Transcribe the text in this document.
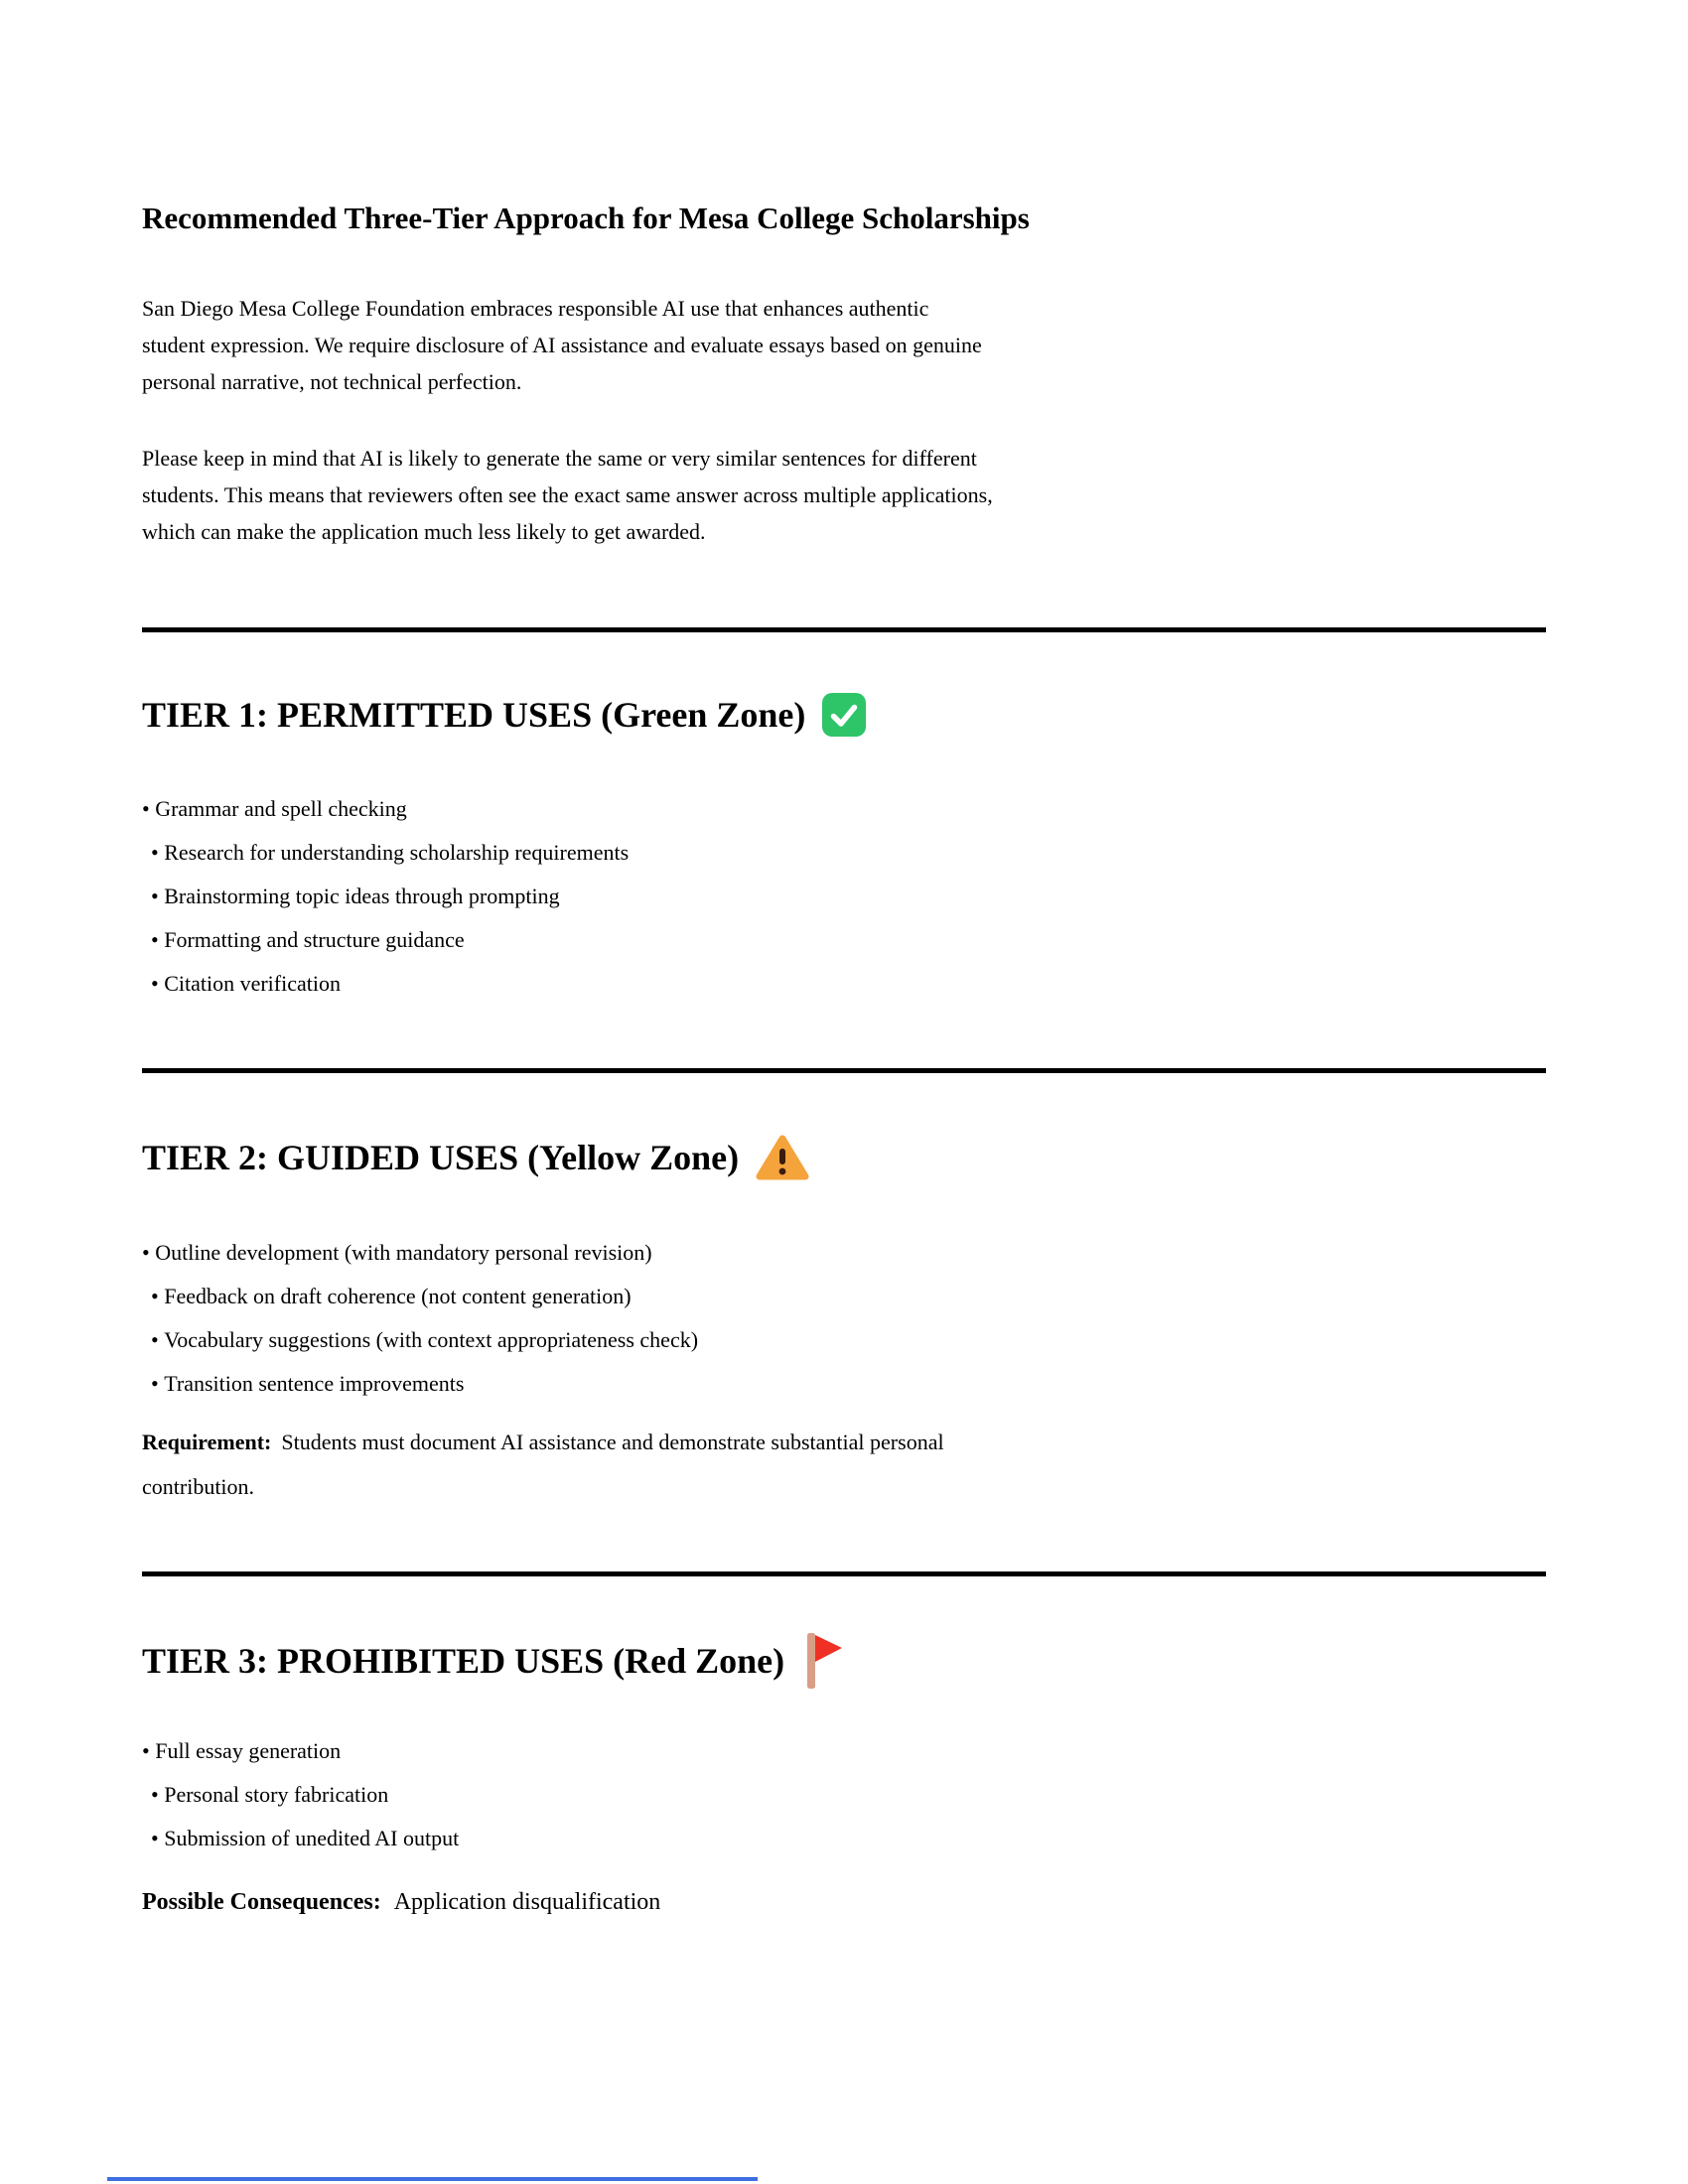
Recommended Three-Tier Approach for Mesa College Scholarships

San Diego Mesa College Foundation embraces responsible AI use that enhances authentic
student expression. We require disclosure of AI assistance and evaluate essays based on genuine
personal narrative, not technical perfection.

Please keep in mind that AI is likely to generate the same or very similar sentences for different
students. This means that reviewers often see the exact same answer across multiple applications,
which can make the application much less likely to get awarded.

TIER 1: PERMITTED USES (Green Zone)
• Grammar and spell checking
• Research for understanding scholarship requirements
• Brainstorming topic ideas through prompting
• Formatting and structure guidance
• Citation verification
TIER 2: GUIDED USES (Yellow Zone)
• Outline development (with mandatory personal revision)
• Feedback on draft coherence (not content generation)
• Vocabulary suggestions (with context appropriateness check)
• Transition sentence improvements

Requirement: Students must document AI assistance and demonstrate substantial personal
contribution.

TIER 3: PROHIBITED USES (Red Zone)
• Full essay generation
• Personal story fabrication
• Submission of unedited AI output

Possible Consequences: Application disqualification
